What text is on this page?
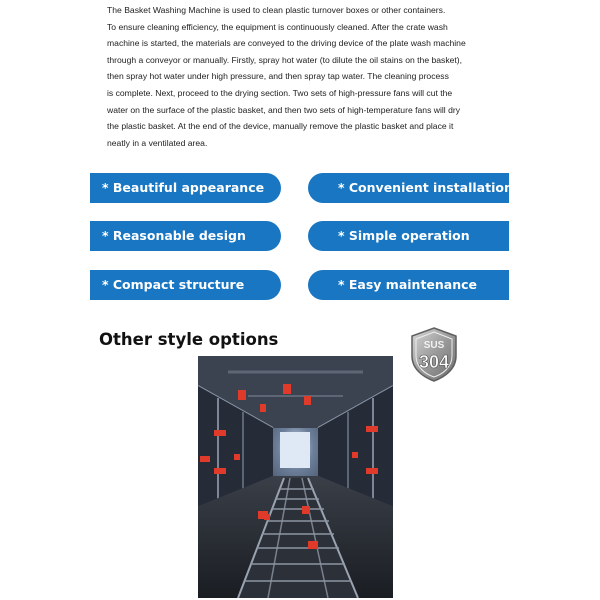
The Basket Washing Machine is used to clean plastic turnover boxes or other containers.
To ensure cleaning efficiency, the equipment is continuously cleaned. After the crate wash
machine is started, the materials are conveyed to the driving device of the plate wash machine
through a conveyor or manually. Firstly, spray hot water (to dilute the oil stains on the basket),
then spray hot water under high pressure, and then spray tap water. The cleaning process
is complete. Next, proceed to the drying section. Two sets of high-pressure fans will cut the
water on the surface of the plastic basket, and then two sets of high-temperature fans will dry
the plastic basket. At the end of the device, manually remove the plastic basket and place it
neatly in a ventilated area.
* Beautiful appearance	* Convenient installation
* Reasonable design	* Simple operation
* Compact structure	* Easy maintenance
Other style options	SUS
304
